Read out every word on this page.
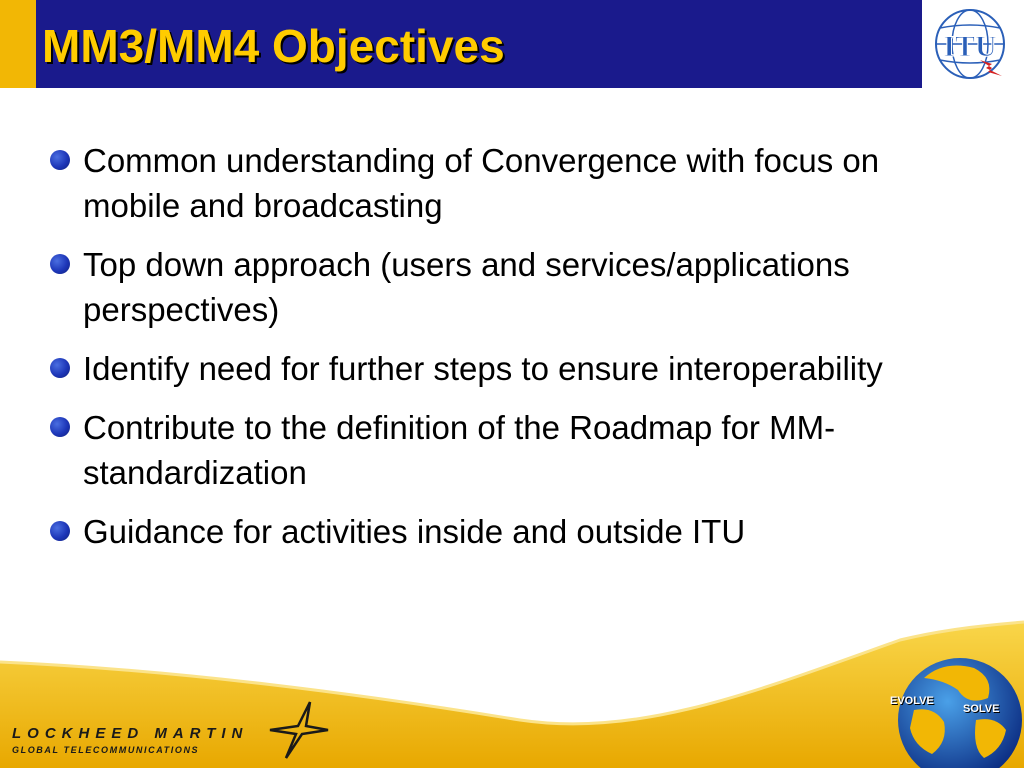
MM3/MM4 Objectives	ITU
Common understanding of Convergence with focus on mobile and broadcasting
Top down approach (users and services/applications perspectives)
Identify need for further steps to ensure interoperability
Contribute to the definition of the Roadmap for MM-standardization
Guidance for activities inside and outside ITU
LOCKHEED MARTIN
GLOBAL TELECOMMUNICATIONS
EVOLVE
SOLVE
